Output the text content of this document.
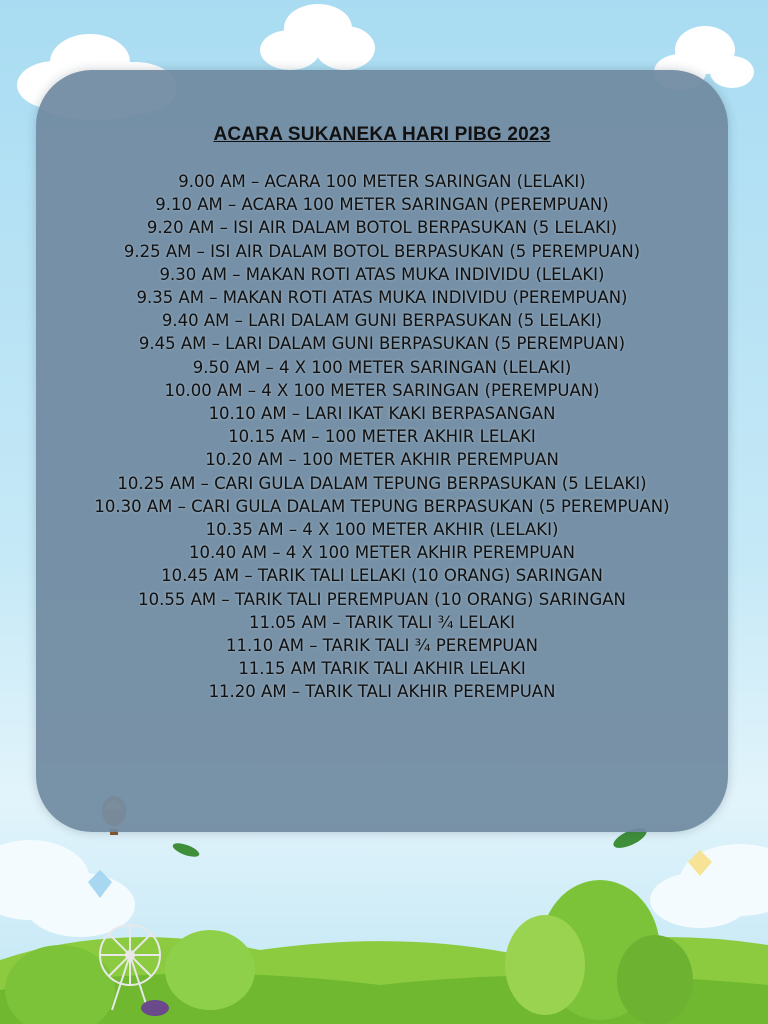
ACARA SUKANEKA HARI PIBG 2023
9.00 AM – ACARA 100 METER SARINGAN (LELAKI)
9.10 AM – ACARA 100 METER SARINGAN (PEREMPUAN)
9.20 AM – ISI AIR DALAM BOTOL BERPASUKAN (5 LELAKI)
9.25 AM – ISI AIR DALAM BOTOL BERPASUKAN (5 PEREMPUAN)
9.30 AM – MAKAN ROTI ATAS MUKA INDIVIDU (LELAKI)
9.35 AM – MAKAN ROTI ATAS MUKA INDIVIDU (PEREMPUAN)
9.40 AM – LARI DALAM GUNI BERPASUKAN (5 LELAKI)
9.45 AM – LARI DALAM GUNI BERPASUKAN (5 PEREMPUAN)
9.50 AM – 4 X 100 METER SARINGAN (LELAKI)
10.00 AM – 4 X 100 METER SARINGAN (PEREMPUAN)
10.10 AM – LARI IKAT KAKI BERPASANGAN
10.15 AM – 100 METER AKHIR LELAKI
10.20 AM – 100 METER AKHIR PEREMPUAN
10.25 AM – CARI GULA DALAM TEPUNG BERPASUKAN (5 LELAKI)
10.30 AM – CARI GULA DALAM TEPUNG BERPASUKAN (5 PEREMPUAN)
10.35 AM – 4 X 100 METER AKHIR (LELAKI)
10.40 AM – 4 X 100 METER AKHIR PEREMPUAN
10.45 AM – TARIK TALI LELAKI (10 ORANG) SARINGAN
10.55 AM – TARIK TALI PEREMPUAN (10 ORANG) SARINGAN
11.05 AM – TARIK TALI ¾ LELAKI
11.10 AM – TARIK TALI ¾ PEREMPUAN
11.15 AM TARIK TALI AKHIR LELAKI
11.20 AM – TARIK TALI AKHIR PEREMPUAN
